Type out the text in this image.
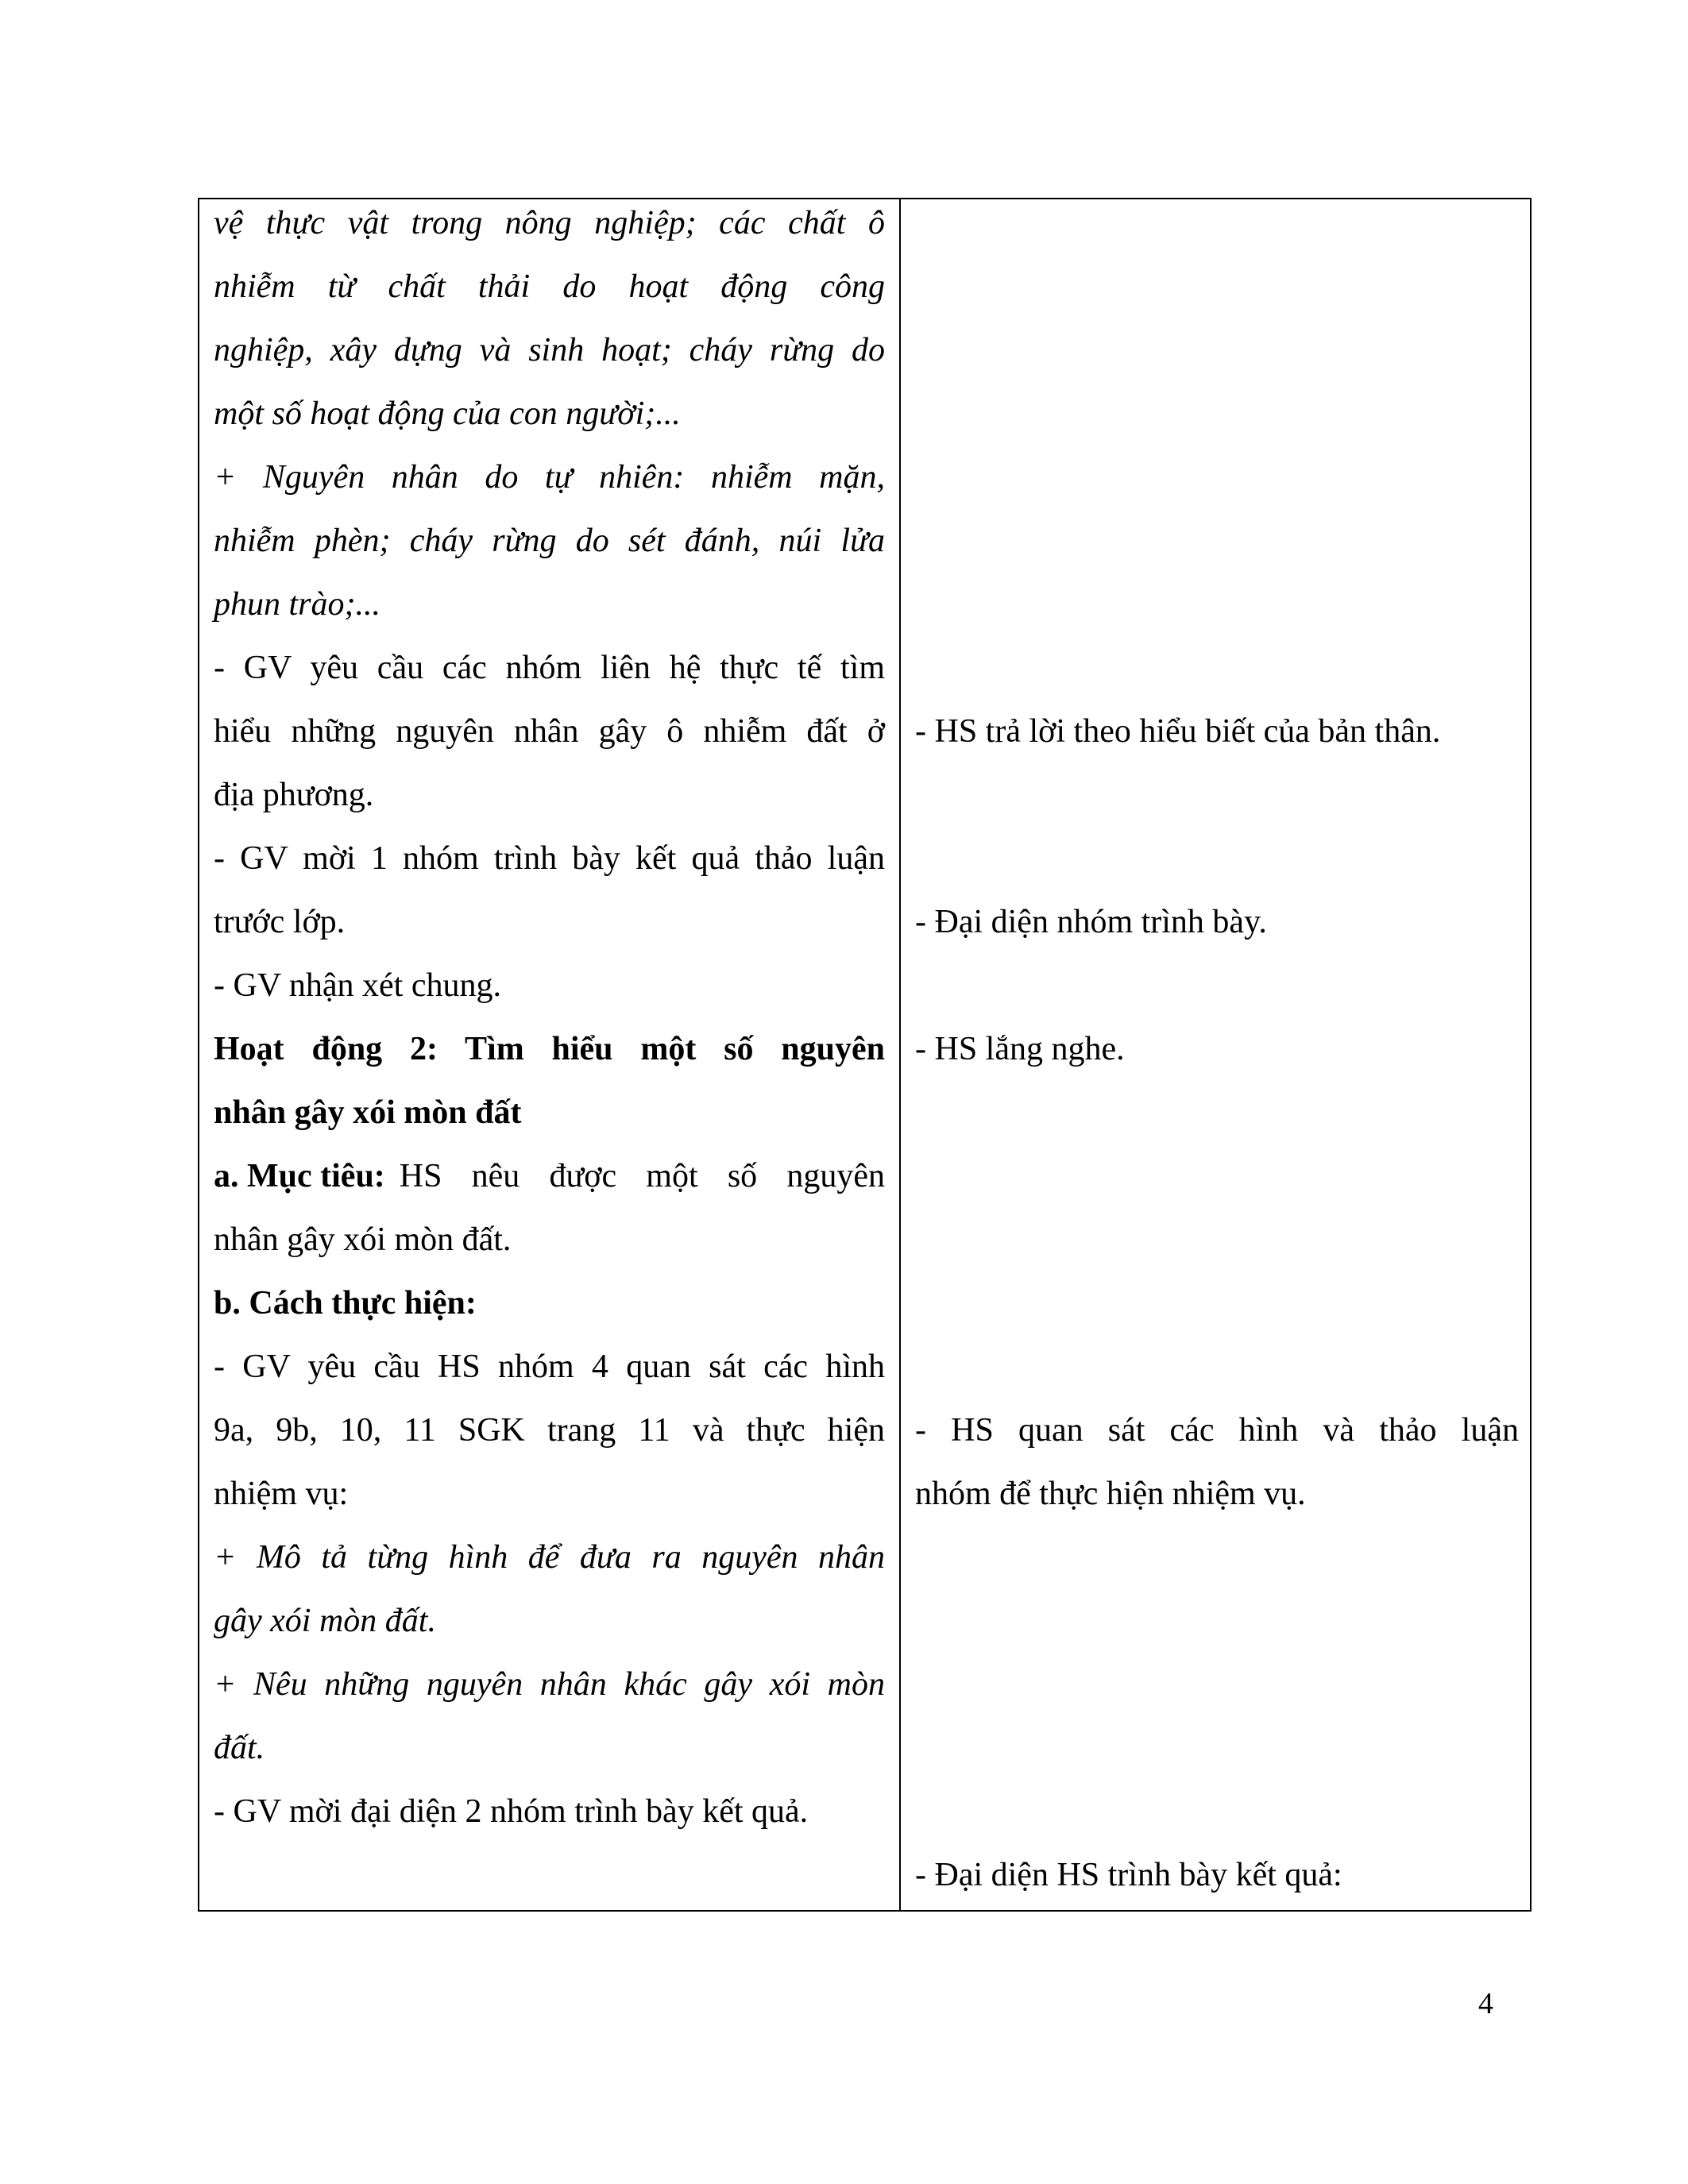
vệ thực vật trong nông nghiệp; các chất ô
nhiễm từ chất thải do hoạt động công
nghiệp, xây dựng và sinh hoạt; cháy rừng do
một số hoạt động của con người;...
+ Nguyên nhân do tự nhiên: nhiễm mặn,
nhiễm phèn; cháy rừng do sét đánh, núi lửa
phun trào;...
- GV yêu cầu các nhóm liên hệ thực tế tìm
hiểu những nguyên nhân gây ô nhiễm đất ở
địa phương.
- GV mời 1 nhóm trình bày kết quả thảo luận
trước lớp.
- GV nhận xét chung.
Hoạt động 2: Tìm hiểu một số nguyên
nhân gây xói mòn đất
a. Mục tiêu: HS nêu được một số nguyên
nhân gây xói mòn đất.
b. Cách thực hiện:
- GV yêu cầu HS nhóm 4 quan sát các hình
9a, 9b, 10, 11 SGK trang 11 và thực hiện
nhiệm vụ:
+ Mô tả từng hình để đưa ra nguyên nhân
gây xói mòn đất.
+ Nêu những nguyên nhân khác gây xói mòn
đất.
- GV mời đại diện 2 nhóm trình bày kết quả.
- HS trả lời theo hiểu biết của bản thân.
- Đại diện nhóm trình bày.
- HS lắng nghe.
- HS quan sát các hình và thảo luận
nhóm để thực hiện nhiệm vụ.
- Đại diện HS trình bày kết quả:
4
